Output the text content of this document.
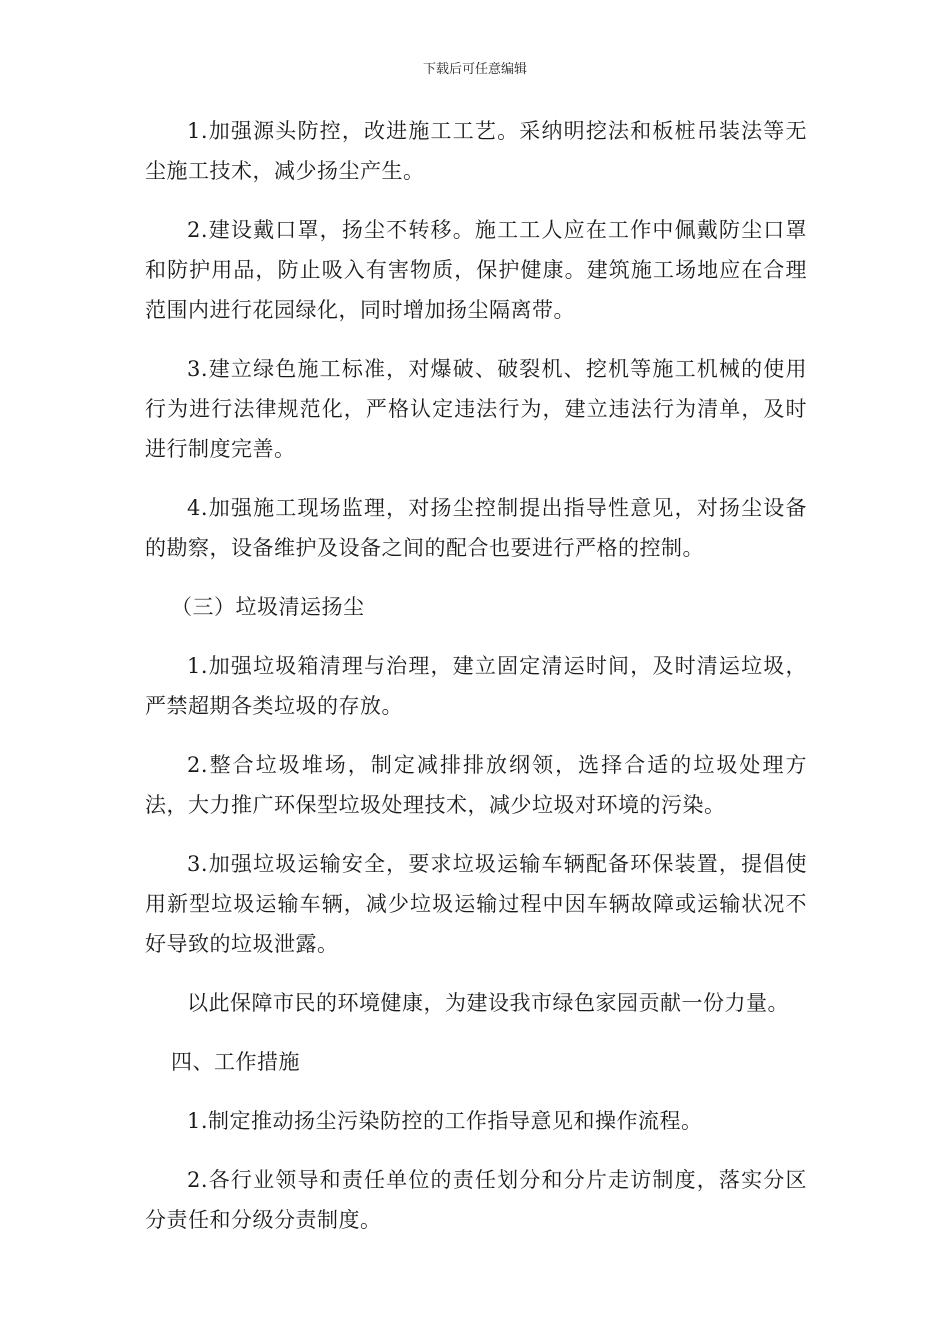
下载后可任意编辑

1.加强源头防控，改进施工工艺。采纳明挖法和板桩吊装法等无尘施工技术，减少扬尘产生。

2.建设戴口罩，扬尘不转移。施工工人应在工作中佩戴防尘口罩和防护用品，防止吸入有害物质，保护健康。建筑施工场地应在合理范围内进行花园绿化，同时增加扬尘隔离带。

3.建立绿色施工标准，对爆破、破裂机、挖机等施工机械的使用行为进行法律规范化，严格认定违法行为，建立违法行为清单，及时进行制度完善。

4.加强施工现场监理，对扬尘控制提出指导性意见，对扬尘设备的勘察，设备维护及设备之间的配合也要进行严格的控制。

（三）垃圾清运扬尘

1.加强垃圾箱清理与治理，建立固定清运时间，及时清运垃圾，严禁超期各类垃圾的存放。

2.整合垃圾堆场，制定减排排放纲领，选择合适的垃圾处理方法，大力推广环保型垃圾处理技术，减少垃圾对环境的污染。

3.加强垃圾运输安全，要求垃圾运输车辆配备环保装置，提倡使用新型垃圾运输车辆，减少垃圾运输过程中因车辆故障或运输状况不好导致的垃圾泄露。

以此保障市民的环境健康，为建设我市绿色家园贡献一份力量。

四、工作措施

1.制定推动扬尘污染防控的工作指导意见和操作流程。

2.各行业领导和责任单位的责任划分和分片走访制度，落实分区分责任和分级分责制度。
